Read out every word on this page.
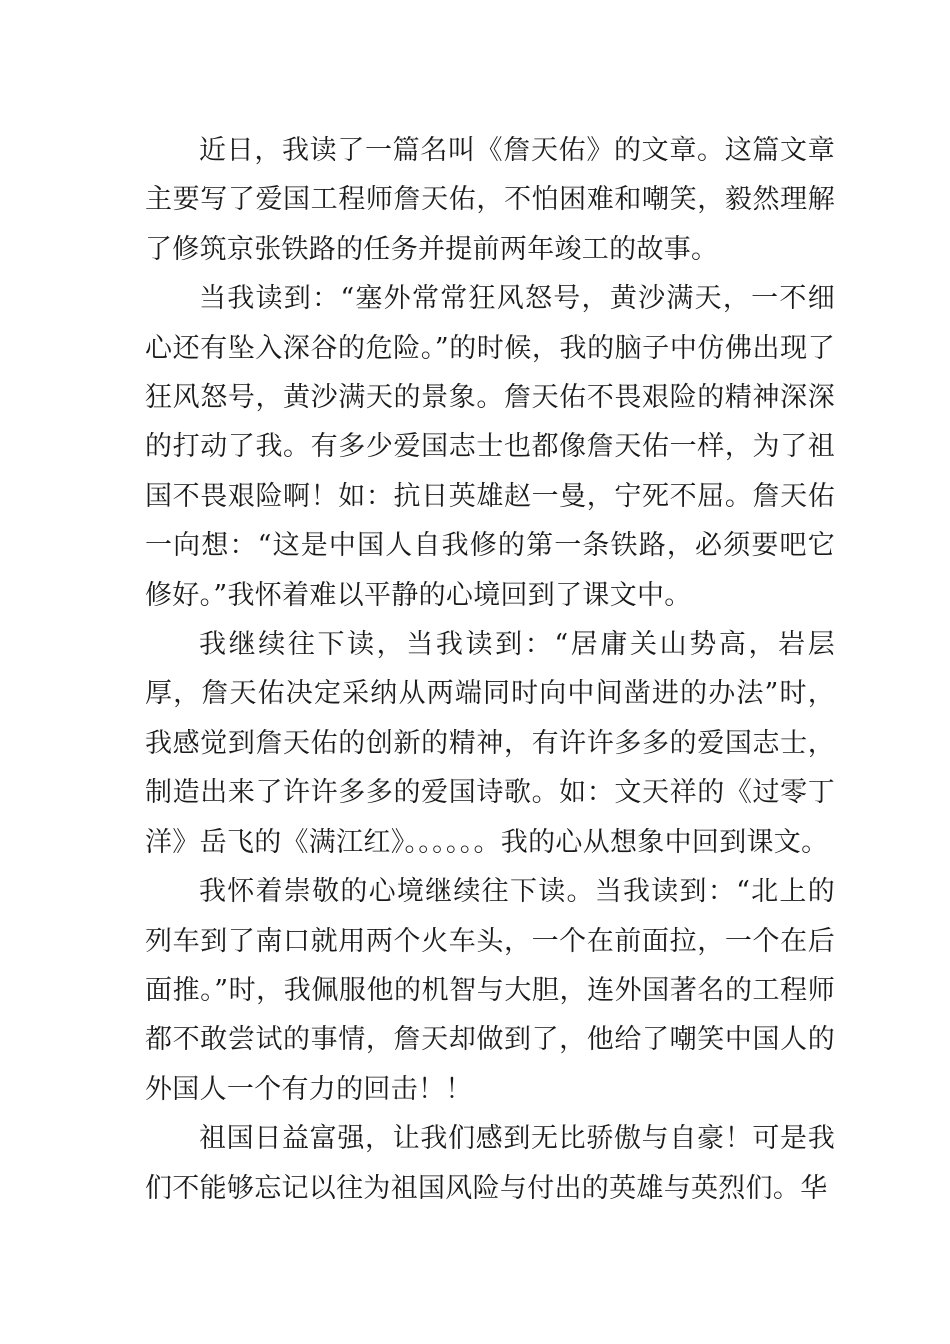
近日，我读了一篇名叫《詹天佑》的文章。这篇文章主要写了爱国工程师詹天佑，不怕困难和嘲笑，毅然理解了修筑京张铁路的任务并提前两年竣工的故事。

当我读到：“塞外常常狂风怒号，黄沙满天，一不细心还有坠入深谷的危险。”的时候，我的脑子中仿佛出现了狂风怒号，黄沙满天的景象。詹天佑不畏艰险的精神深深的打动了我。有多少爱国志士也都像詹天佑一样，为了祖国不畏艰险啊！如：抗日英雄赵一曼，宁死不屈。詹天佑一向想：“这是中国人自我修的第一条铁路，必须要吧它修好。”我怀着难以平静的心境回到了课文中。

我继续往下读，当我读到：“居庸关山势高，岩层厚，詹天佑决定采纳从两端同时向中间凿进的办法”时，我感觉到詹天佑的创新的精神，有许许多多的爱国志士，制造出来了许许多多的爱国诗歌。如：文天祥的《过零丁洋》岳飞的《满江红》。。。。。。我的心从想象中回到课文。

我怀着崇敬的心境继续往下读。当我读到：“北上的列车到了南口就用两个火车头，一个在前面拉，一个在后面推。”时，我佩服他的机智与大胆，连外国著名的工程师都不敢尝试的事情，詹天却做到了，他给了嘲笑中国人的外国人一个有力的回击！！

祖国日益富强，让我们感到无比骄傲与自豪！可是我们不能够忘记以往为祖国风险与付出的英雄与英烈们。华
